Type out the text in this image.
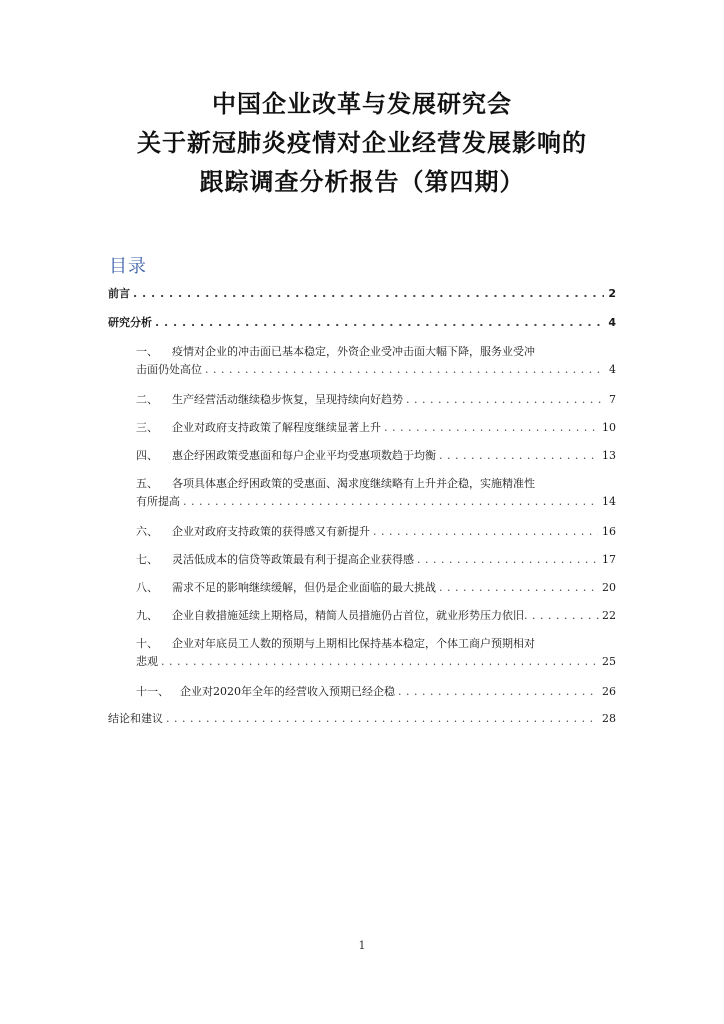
中国企业改革与发展研究会
关于新冠肺炎疫情对企业经营发展影响的
跟踪调查分析报告（第四期）
目录
前言 . . .	2
研究分析 . . .	4
一、	疫情对企业的冲击面已基本稳定，外资企业受冲击面大幅下降，服务业受冲
击面仍处高位 . . .	4
二、	生产经营活动继续稳步恢复，呈现持续向好趋势 . . .	7
三、	企业对政府支持政策了解程度继续显著上升 . . .	10
四、	惠企纾困政策受惠面和每户企业平均受惠项数趋于均衡 . . .	13
五、	各项具体惠企纾困政策的受惠面、渴求度继续略有上升并企稳，实施精准性
有所提高 . . .	14
六、	企业对政府支持政策的获得感又有新提升 . . .	16
七、	灵活低成本的信贷等政策最有利于提高企业获得感 . . .	17
八、	需求不足的影响继续缓解，但仍是企业面临的最大挑战 . . .	20
九、	企业自救措施延续上期格局，精简人员措施仍占首位，就业形势压力依旧 . . .	22
十、	企业对年底员工人数的预期与上期相比保持基本稳定，个体工商户预期相对
悲观 . . .	25
十一、	企业对2020年全年的经营收入预期已经企稳 . . .	26
结论和建议 . . .	28
1
